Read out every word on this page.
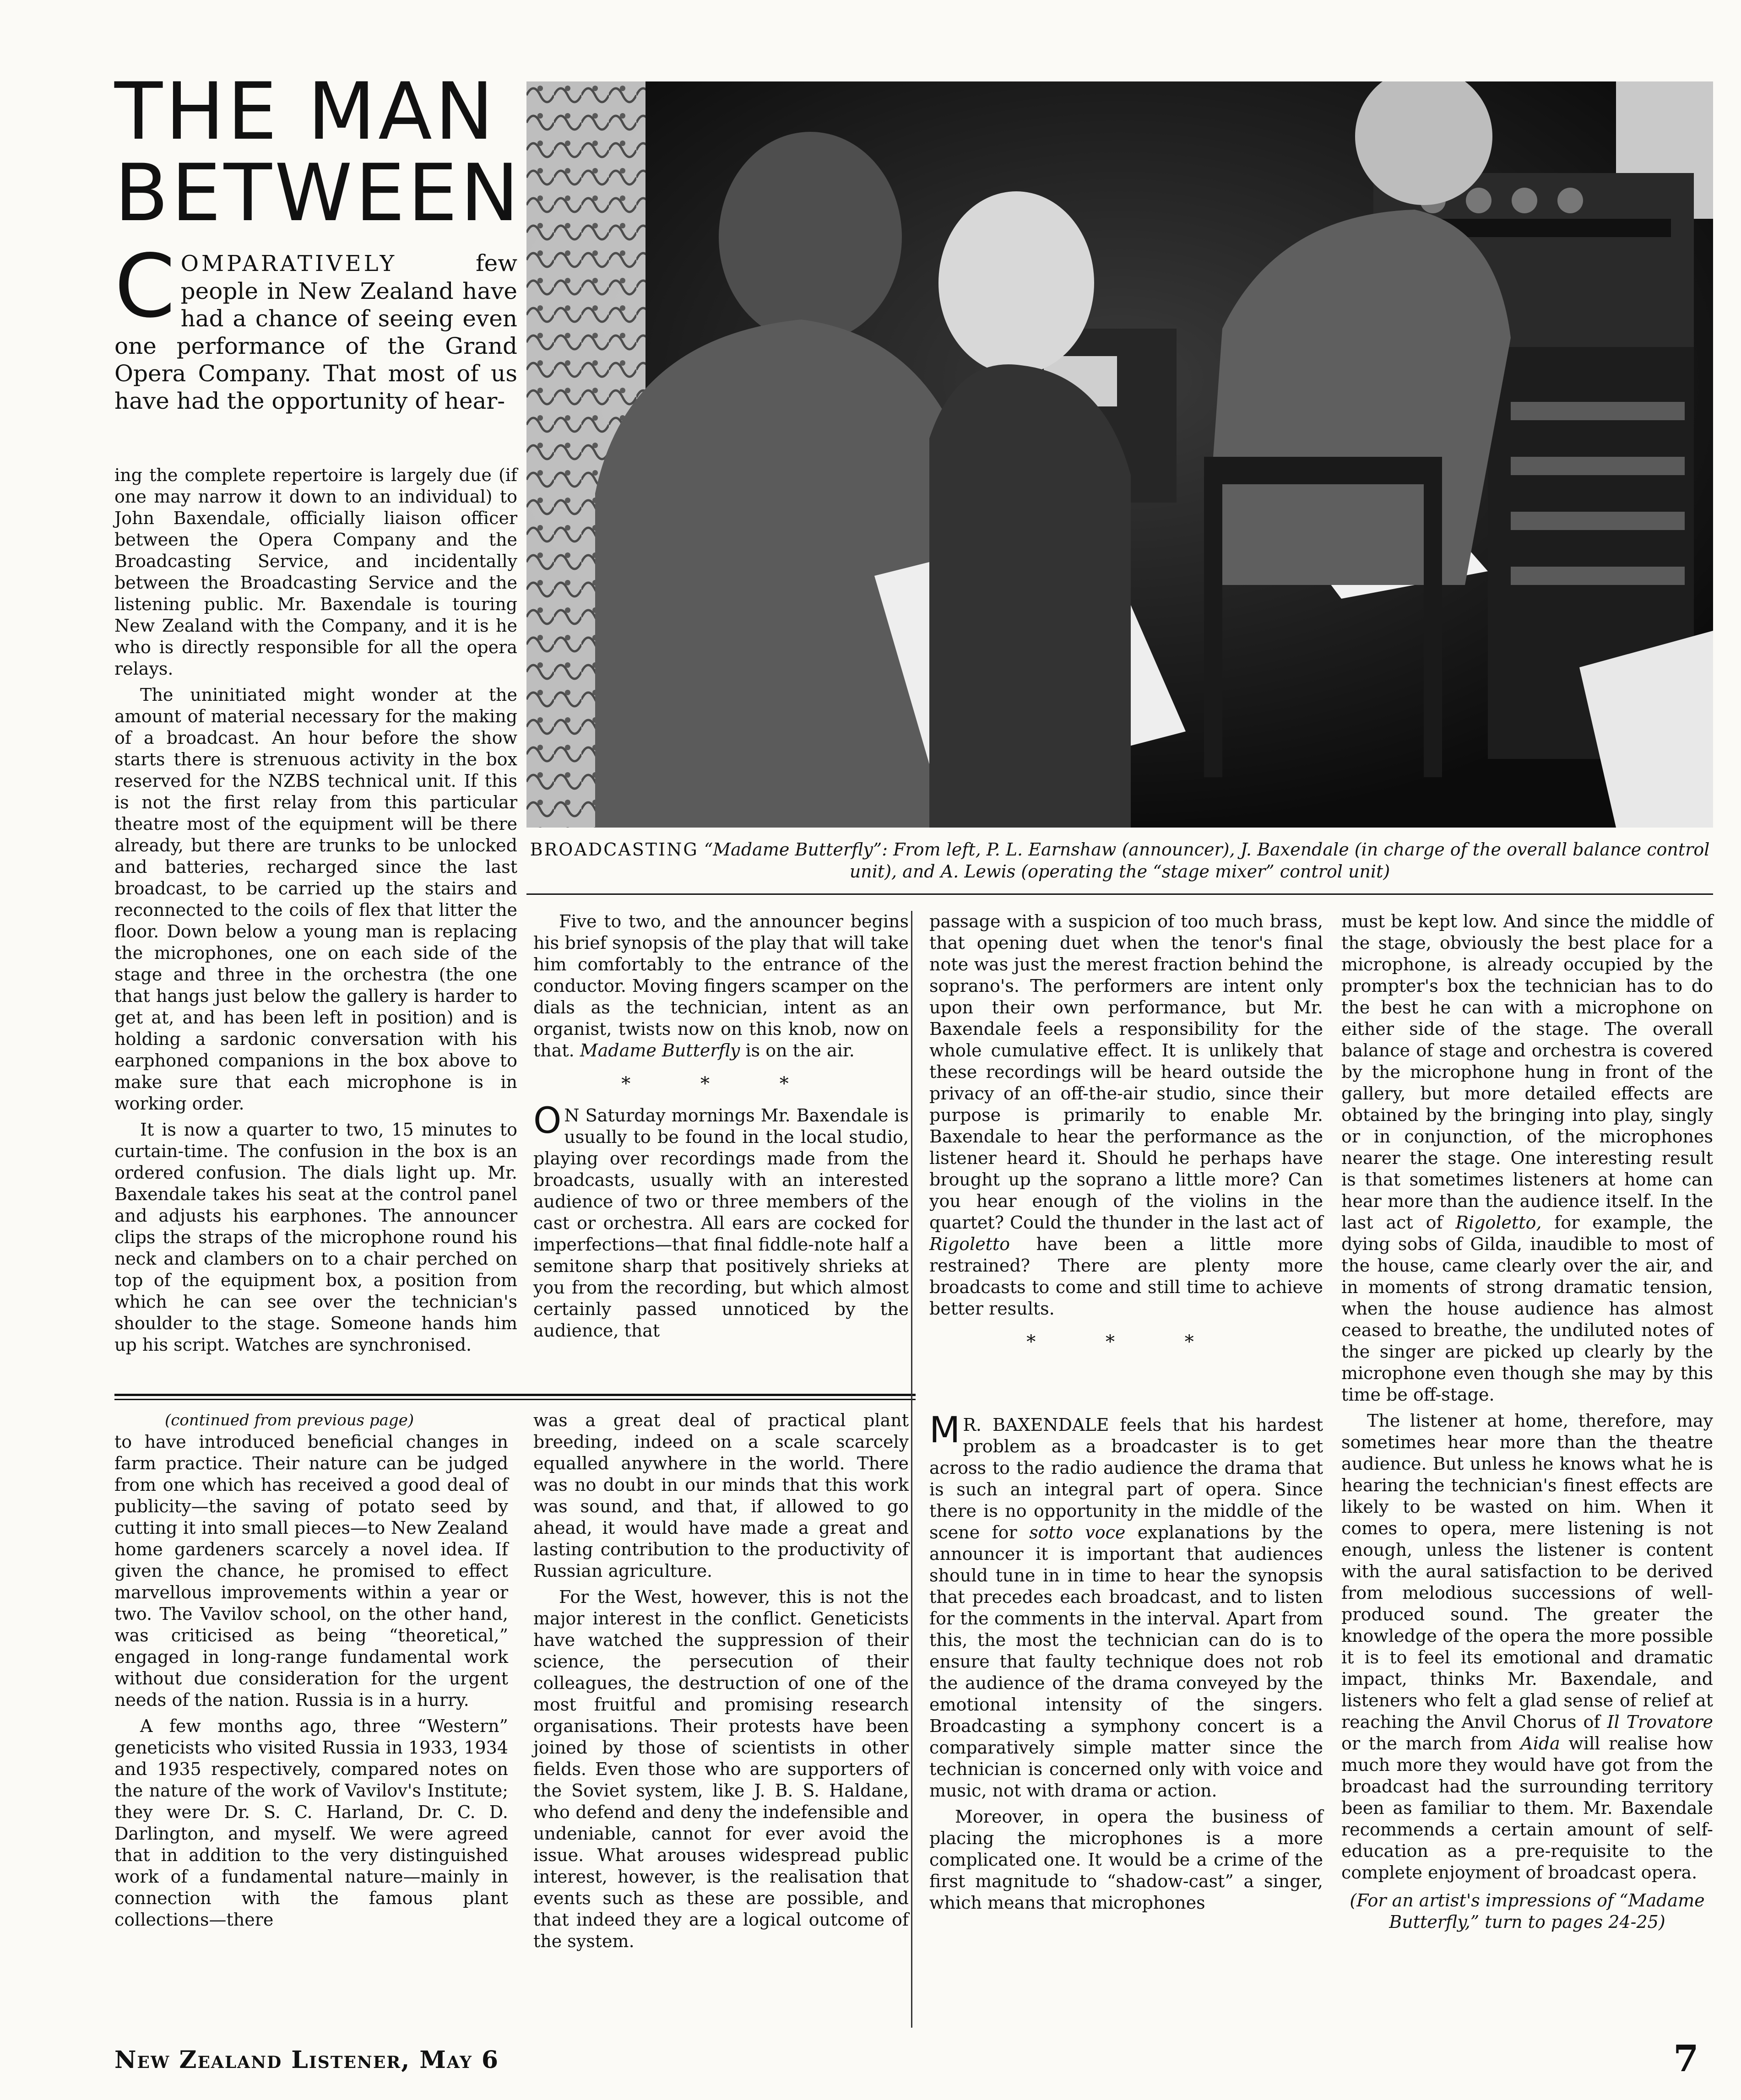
THE MAN
BETWEEN
COMPARATIVELY few people in New Zealand have had a chance of seeing even one performance of the Grand Opera Company. That most of us have had the opportunity of hear-

ing the complete repertoire is largely due (if one may narrow it down to an individual) to John Baxendale, officially liaison officer between the Opera Company and the Broadcasting Service, and incidentally between the Broadcasting Service and the listening public. Mr. Baxendale is touring New Zealand with the Company, and it is he who is directly responsible for all the opera relays.

The uninitiated might wonder at the amount of material necessary for the making of a broadcast. An hour before the show starts there is strenuous activity in the box reserved for the NZBS technical unit. If this is not the first relay from this particular theatre most of the equipment will be there already, but there are trunks to be unlocked and batteries, recharged since the last broadcast, to be carried up the stairs and reconnected to the coils of flex that litter the floor. Down below a young man is replacing the microphones, one on each side of the stage and three in the orchestra (the one that hangs just below the gallery is harder to get at, and has been left in position) and is holding a sardonic conversation with his earphoned companions in the box above to make sure that each microphone is in working order.

It is now a quarter to two, 15 minutes to curtain-time. The confusion in the box is an ordered confusion. The dials light up. Mr. Baxendale takes his seat at the control panel and adjusts his earphones. The announcer clips the straps of the microphone round his neck and clambers on to a chair perched on top of the equipment box, a position from which he can see over the technician's shoulder to the stage. Someone hands him up his script. Watches are synchronised.

BROADCASTING “Madame Butterfly”: From left, P. L. Earnshaw (announcer), J. Baxendale (in charge of the overall balance control unit), and A. Lewis (operating the “stage mixer” control unit)

Five to two, and the announcer begins his brief synopsis of the play that will take him comfortably to the entrance of the conductor. Moving fingers scamper on the dials as the technician, intent as an organist, twists now on this knob, now on that. Madame Butterfly is on the air.

* * *

O N Saturday mornings Mr. Baxendale is usually to be found in the local studio, playing over recordings made from the broadcasts, usually with an interested audience of two or three members of the cast or orchestra. All ears are cocked for imperfections—that final fiddle-note half a semitone sharp that positively shrieks at you from the recording, but which almost certainly passed unnoticed by the audience, that

passage with a suspicion of too much brass, that opening duet when the tenor's final note was just the merest fraction behind the soprano's. The performers are intent only upon their own performance, but Mr. Baxendale feels a responsibility for the whole cumulative effect. It is unlikely that these recordings will be heard outside the privacy of an off-the-air studio, since their purpose is primarily to enable Mr. Baxendale to hear the performance as the listener heard it. Should he perhaps have brought up the soprano a little more? Can you hear enough of the violins in the quartet? Could the thunder in the last act of Rigoletto have been a little more restrained? There are plenty more broadcasts to come and still time to achieve better results.

* * *

must be kept low. And since the middle of the stage, obviously the best place for a microphone, is already occupied by the prompter's box the technician has to do the best he can with a microphone on either side of the stage. The overall balance of stage and orchestra is covered by the microphone hung in front of the gallery, but more detailed effects are obtained by the bringing into play, singly or in conjunction, of the microphones nearer the stage. One interesting result is that sometimes listeners at home can hear more than the audience itself. In the last act of Rigoletto, for example, the dying sobs of Gilda, inaudible to most of the house, came clearly over the air, and in moments of strong dramatic tension, when the house audience has almost ceased to breathe, the undiluted notes of the singer are picked up clearly by the microphone even though she may by this time be off-stage.

The listener at home, therefore, may sometimes hear more than the theatre audience. But unless he knows what he is hearing the technician's finest effects are likely to be wasted on him. When it comes to opera, mere listening is not enough, unless the listener is content with the aural satisfaction to be derived from melodious successions of well-produced sound. The greater the knowledge of the opera the more possible it is to feel its emotional and dramatic impact, thinks Mr. Baxendale, and listeners who felt a glad sense of relief at reaching the Anvil Chorus of Il Trovatore or the march from Aida will realise how much more they would have got from the broadcast had the surrounding territory been as familiar to them. Mr. Baxendale recommends a certain amount of self-education as a pre-requisite to the complete enjoyment of broadcast opera.

(For an artist's impressions of “Madame Butterfly,” turn to pages 24-25)

(continued from previous page)

to have introduced beneficial changes in farm practice. Their nature can be judged from one which has received a good deal of publicity—the saving of potato seed by cutting it into small pieces—to New Zealand home gardeners scarcely a novel idea. If given the chance, he promised to effect marvellous improvements within a year or two. The Vavilov school, on the other hand, was criticised as being “theoretical,” engaged in long-range fundamental work without due consideration for the urgent needs of the nation. Russia is in a hurry.

A few months ago, three “Western” geneticists who visited Russia in 1933, 1934 and 1935 respectively, compared notes on the nature of the work of Vavilov's Institute; they were Dr. S. C. Harland, Dr. C. D. Darlington, and myself. We were agreed that in addition to the very distinguished work of a fundamental nature—mainly in connection with the famous plant collections—there

was a great deal of practical plant breeding, indeed on a scale scarcely equalled anywhere in the world. There was no doubt in our minds that this work was sound, and that, if allowed to go ahead, it would have made a great and lasting contribution to the productivity of Russian agriculture.

For the West, however, this is not the major interest in the conflict. Geneticists have watched the suppression of their science, the persecution of their colleagues, the destruction of one of the most fruitful and promising research organisations. Their protests have been joined by those of scientists in other fields. Even those who are supporters of the Soviet system, like J. B. S. Haldane, who defend and deny the indefensible and undeniable, cannot for ever avoid the issue. What arouses widespread public interest, however, is the realisation that events such as these are possible, and that indeed they are a logical outcome of the system.

M R. BAXENDALE feels that his hardest problem as a broadcaster is to get across to the radio audience the drama that is such an integral part of opera. Since there is no opportunity in the middle of the scene for sotto voce explanations by the announcer it is important that audiences should tune in in time to hear the synopsis that precedes each broadcast, and to listen for the comments in the interval. Apart from this, the most the technician can do is to ensure that faulty technique does not rob the audience of the drama conveyed by the emotional intensity of the singers. Broadcasting a symphony concert is a comparatively simple matter since the technician is concerned only with voice and music, not with drama or action.

Moreover, in opera the business of placing the microphones is a more complicated one. It would be a crime of the first magnitude to “shadow-cast” a singer, which means that microphones

New Zealand Listener, May 6	7
